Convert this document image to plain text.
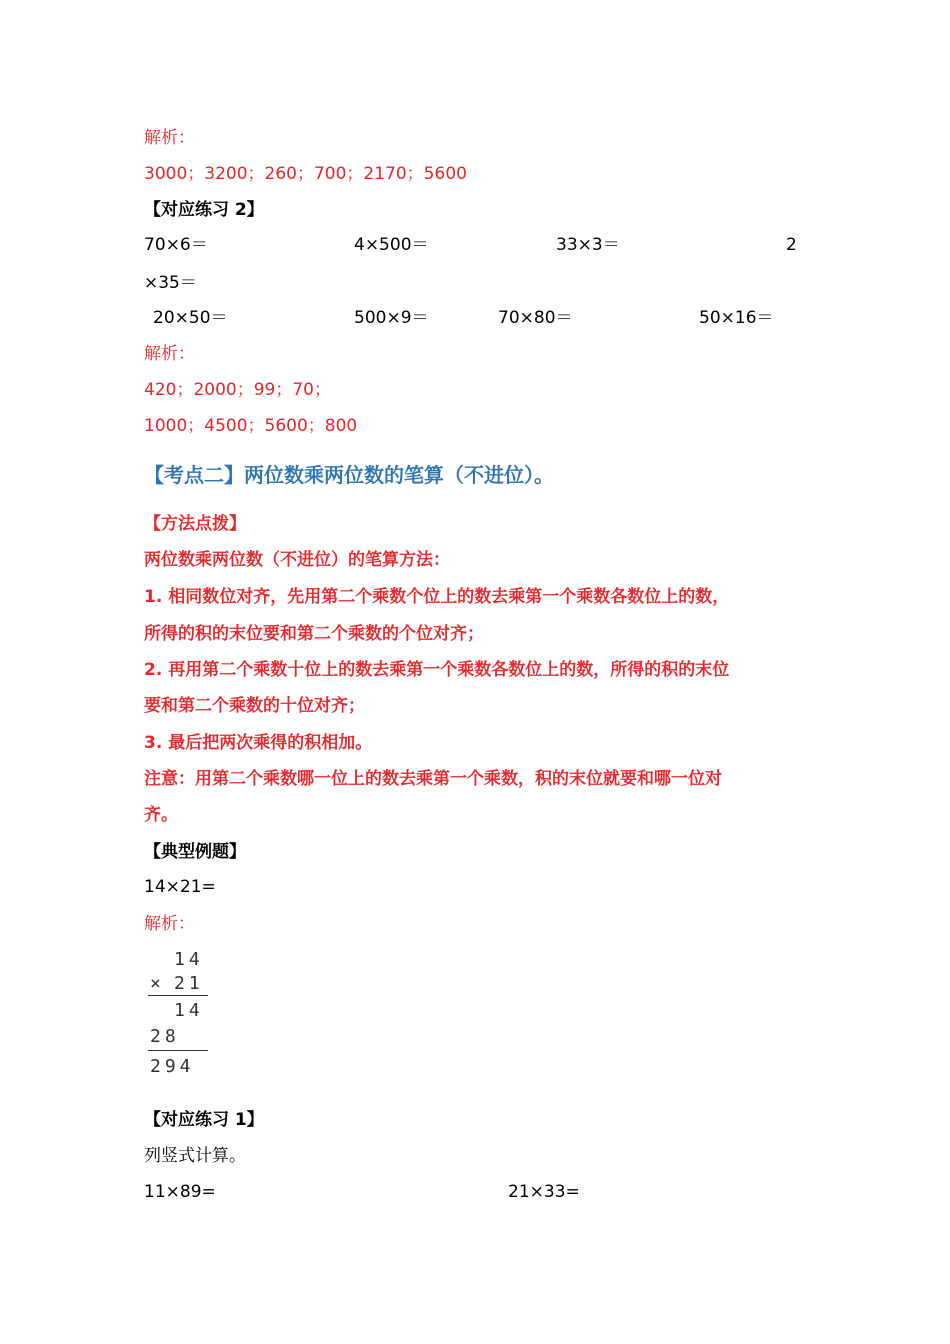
解析：
3000；3200；260；700；2170；5600
【对应练习 2】
70×6＝	4×500＝	33×3＝	2
×35＝
20×50＝	500×9＝	70×80＝	50×16＝
解析：
420；2000；99；70；
1000；4500；5600；800
【考点二】两位数乘两位数的笔算（不进位）。
【方法点拨】
两位数乘两位数（不进位）的笔算方法：
1. 相同数位对齐，先用第二个乘数个位上的数去乘第一个乘数各数位上的数，
所得的积的末位要和第二个乘数的个位对齐；
2. 再用第二个乘数十位上的数去乘第一个乘数各数位上的数，所得的积的末位
要和第二个乘数的十位对齐；
3. 最后把两次乘得的积相加。
注意：用第二个乘数哪一位上的数去乘第一个乘数，积的末位就要和哪一位对
齐。
【典型例题】
14×21=
解析：
14
× 21
14
28
294
【对应练习 1】
列竖式计算。
11×89=	21×33=
